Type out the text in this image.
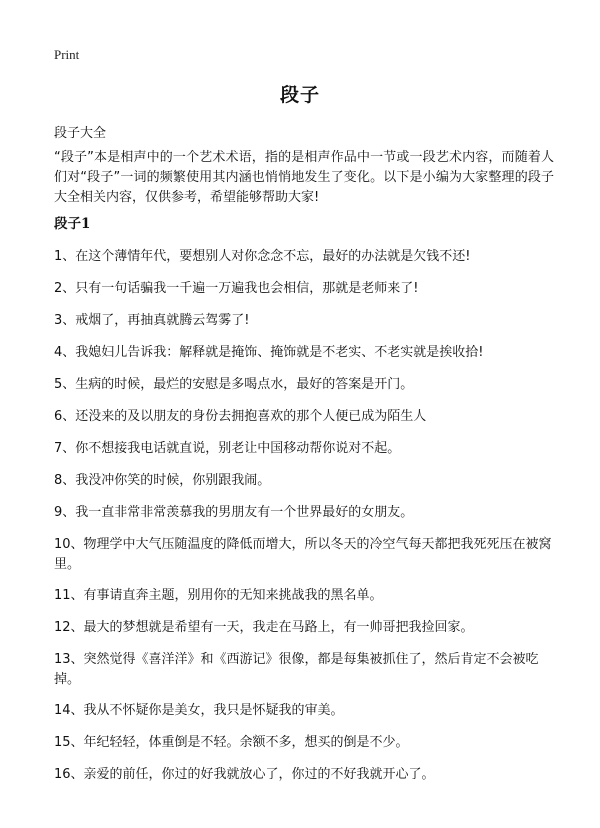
Print
段子
段子大全
“段子”本是相声中的一个艺术术语，指的是相声作品中一节或一段艺术内容，而随着人们对“段子”一词的频繁使用其内涵也悄悄地发生了变化。以下是小编为大家整理的段子大全相关内容，仅供参考，希望能够帮助大家!
段子1
1、在这个薄情年代，要想别人对你念念不忘，最好的办法就是欠钱不还!
2、只有一句话骗我一千遍一万遍我也会相信，那就是老师来了!
3、戒烟了，再抽真就腾云驾雾了!
4、我媳妇儿告诉我：解释就是掩饰、掩饰就是不老实、不老实就是挨收拾!
5、生病的时候，最烂的安慰是多喝点水，最好的答案是开门。
6、还没来的及以朋友的身份去拥抱喜欢的那个人便已成为陌生人
7、你不想接我电话就直说，别老让中国移动帮你说对不起。
8、我没冲你笑的时候，你别跟我闹。
9、我一直非常非常羡慕我的男朋友有一个世界最好的女朋友。
10、物理学中大气压随温度的降低而增大，所以冬天的冷空气每天都把我死死压在被窝里。
11、有事请直奔主题，别用你的无知来挑战我的黑名单。
12、最大的梦想就是希望有一天，我走在马路上，有一帅哥把我捡回家。
13、突然觉得《喜洋洋》和《西游记》很像，都是每集被抓住了，然后肯定不会被吃掉。
14、我从不怀疑你是美女，我只是怀疑我的审美。
15、年纪轻轻，体重倒是不轻。余额不多，想买的倒是不少。
16、亲爱的前任，你过的好我就放心了，你过的不好我就开心了。
